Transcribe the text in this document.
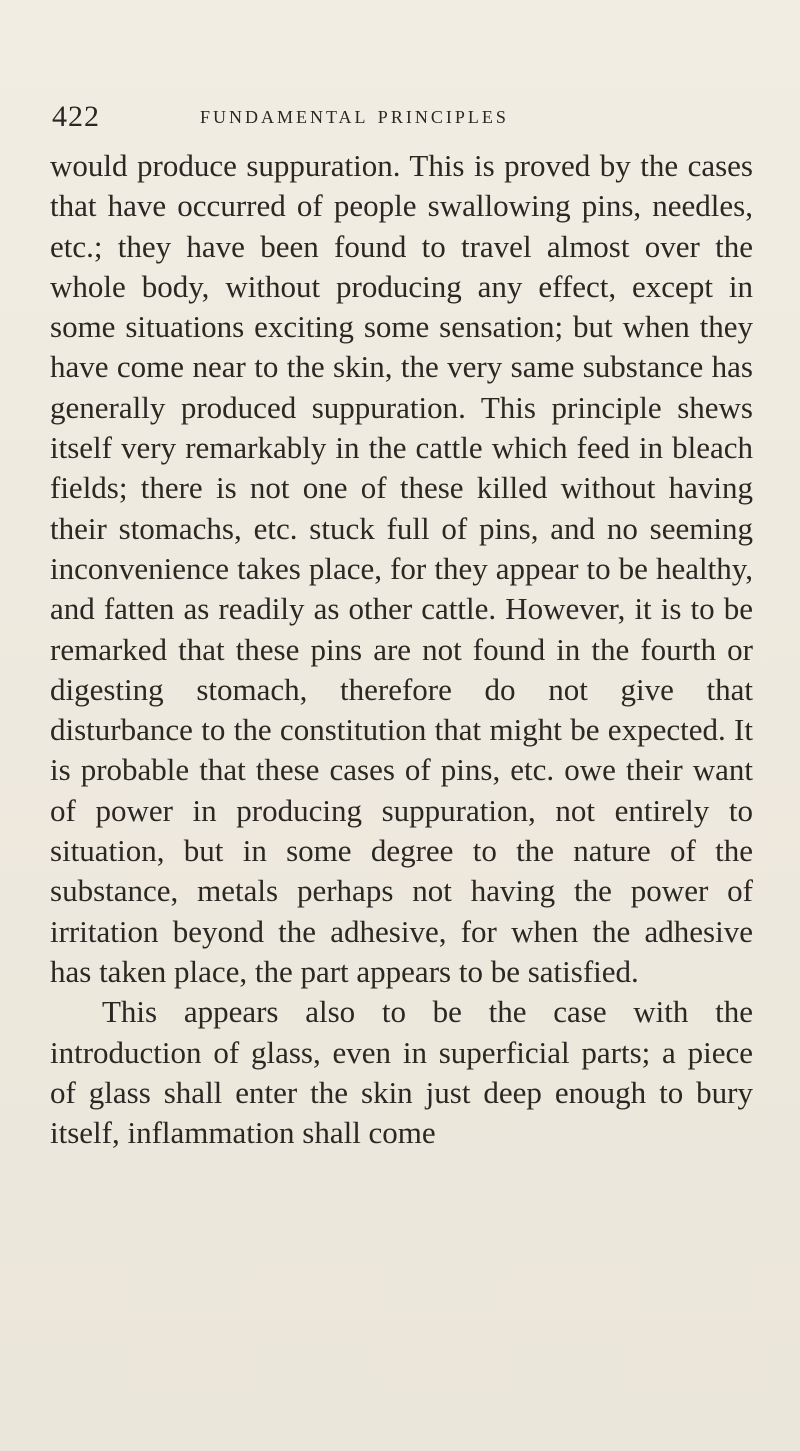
422	fundamental principles

would produce suppuration. This is proved by the cases that have occurred of people swallowing pins, needles, etc.; they have been found to travel almost over the whole body, without producing any effect, except in some situations exciting some sensation; but when they have come near to the skin, the very same substance has generally produced suppuration. This principle shews itself very remarkably in the cattle which feed in bleach fields; there is not one of these killed without having their stomachs, etc. stuck full of pins, and no seeming inconvenience takes place, for they appear to be healthy, and fatten as readily as other cattle. However, it is to be remarked that these pins are not found in the fourth or digesting stomach, therefore do not give that disturbance to the constitution that might be expected. It is probable that these cases of pins, etc. owe their want of power in producing suppuration, not entirely to situation, but in some degree to the nature of the substance, metals perhaps not having the power of irritation beyond the adhesive, for when the adhesive has taken place, the part appears to be satisfied.

This appears also to be the case with the introduction of glass, even in superficial parts; a piece of glass shall enter the skin just deep enough to bury itself, inflammation shall come
